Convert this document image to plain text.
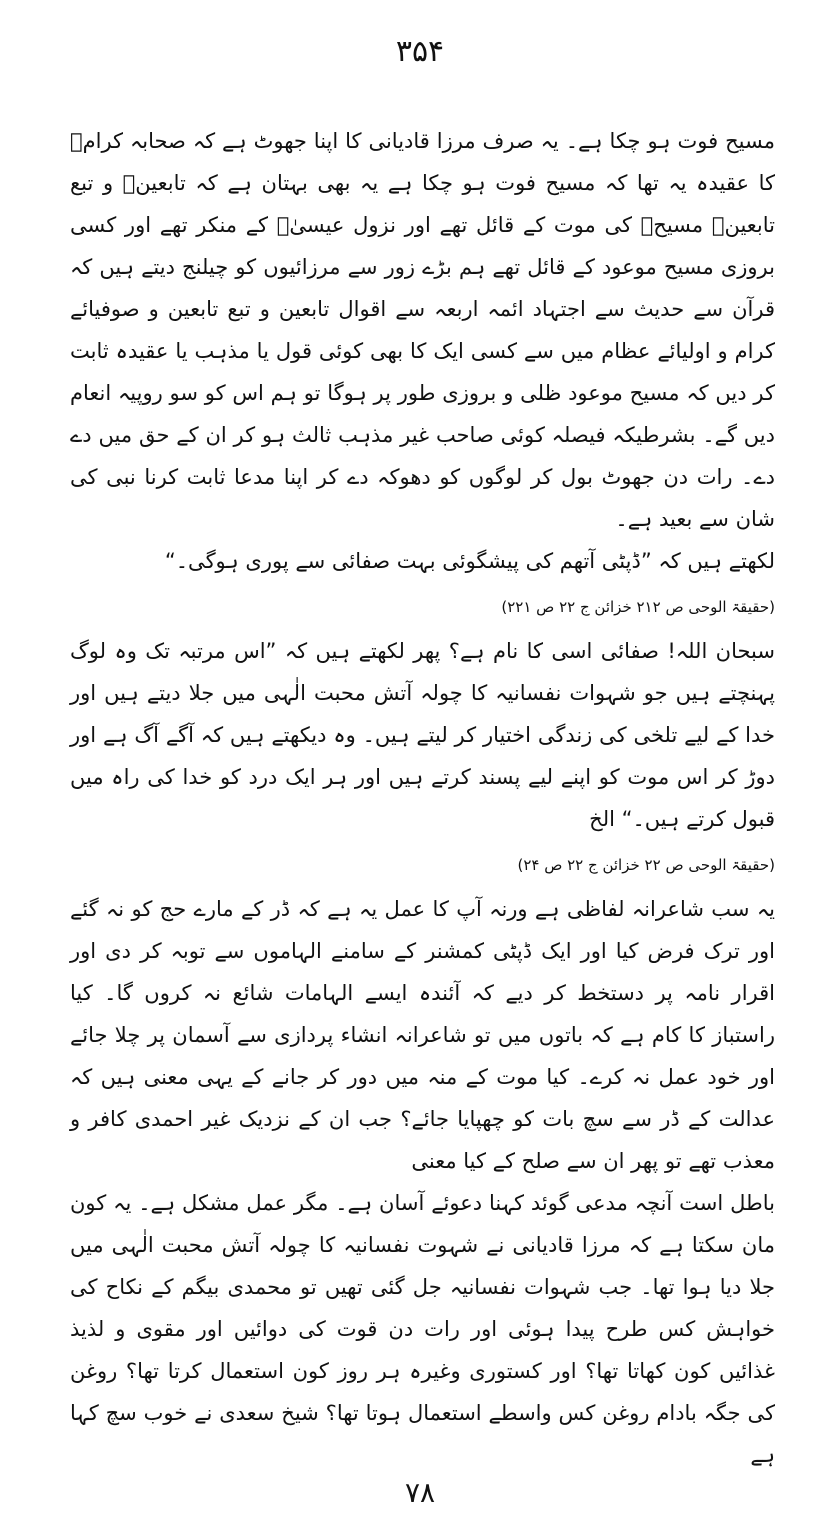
۳۵۴

مسیح فوت ہو چکا ہے۔ یہ صرف مرزا قادیانی کا اپنا جھوٹ ہے کہ صحابہ کرامؓ کا عقیدہ یہ تھا کہ مسیح فوت ہو چکا ہے یہ بھی بہتان ہے کہ تابعینؒ و تبع تابعینؒ مسیحؑ کی موت کے قائل تھے اور نزول عیسیٰؑ کے منکر تھے اور کسی بروزی مسیح موعود کے قائل تھے ہم بڑے زور سے مرزائیوں کو چیلنج دیتے ہیں کہ قرآن سے حدیث سے اجتہاد ائمہ اربعہ سے اقوال تابعین و تبع تابعین و صوفیائے کرام و اولیائے عظام میں سے کسی ایک کا بھی کوئی قول یا مذہب یا عقیدہ ثابت کر دیں کہ مسیح موعود ظلی و بروزی طور پر ہوگا تو ہم اس کو سو روپیہ انعام دیں گے۔ بشرطیکہ فیصلہ کوئی صاحب غیر مذہب ثالث ہو کر ان کے حق میں دے دے۔ رات دن جھوٹ بول کر لوگوں کو دھوکہ دے کر اپنا مدعا ثابت کرنا نبی کی شان سے بعید ہے۔

لکھتے ہیں کہ ”ڈپٹی آتھم کی پیشگوئی بہت صفائی سے پوری ہوگی۔“

(حقیقۃ الوحی ص ۲۱۲ خزائن ج ۲۲ ص ۲۲۱)

سبحان اللہ! صفائی اسی کا نام ہے؟ پھر لکھتے ہیں کہ ”اس مرتبہ تک وہ لوگ پہنچتے ہیں جو شہوات نفسانیہ کا چولہ آتش محبت الٰہی میں جلا دیتے ہیں اور خدا کے لیے تلخی کی زندگی اختیار کر لیتے ہیں۔ وہ دیکھتے ہیں کہ آگے آگ ہے اور دوڑ کر اس موت کو اپنے لیے پسند کرتے ہیں اور ہر ایک درد کو خدا کی راہ میں قبول کرتے ہیں۔“ الخ

(حقیقۃ الوحی ص ۲۲ خزائن ج ۲۲ ص ۲۴)

یہ سب شاعرانہ لفاظی ہے ورنہ آپ کا عمل یہ ہے کہ ڈر کے مارے حج کو نہ گئے اور ترک فرض کیا اور ایک ڈپٹی کمشنر کے سامنے الہاموں سے توبہ کر دی اور اقرار نامہ پر دستخط کر دیے کہ آئندہ ایسے الہامات شائع نہ کروں گا۔ کیا راستباز کا کام ہے کہ باتوں میں تو شاعرانہ انشاء پردازی سے آسمان پر چلا جائے اور خود عمل نہ کرے۔ کیا موت کے منہ میں دور کر جانے کے یہی معنی ہیں کہ عدالت کے ڈر سے سچ بات کو چھپایا جائے؟ جب ان کے نزدیک غیر احمدی کافر و معذب تھے تو پھر ان سے صلح کے کیا معنی

باطل است آنچہ مدعی گوئد کہنا دعوئے آسان ہے۔ مگر عمل مشکل ہے۔ یہ کون مان سکتا ہے کہ مرزا قادیانی نے شہوت نفسانیہ کا چولہ آتش محبت الٰہی میں جلا دیا ہوا تھا۔ جب شہوات نفسانیہ جل گئی تھیں تو محمدی بیگم کے نکاح کی خواہش کس طرح پیدا ہوئی اور رات دن قوت کی دوائیں اور مقوی و لذیذ غذائیں کون کھاتا تھا؟ اور کستوری وغیرہ ہر روز کون استعمال کرتا تھا؟ روغن کی جگہ بادام روغن کس واسطے استعمال ہوتا تھا؟ شیخ سعدی نے خوب سچ کہا ہے

۷۸
